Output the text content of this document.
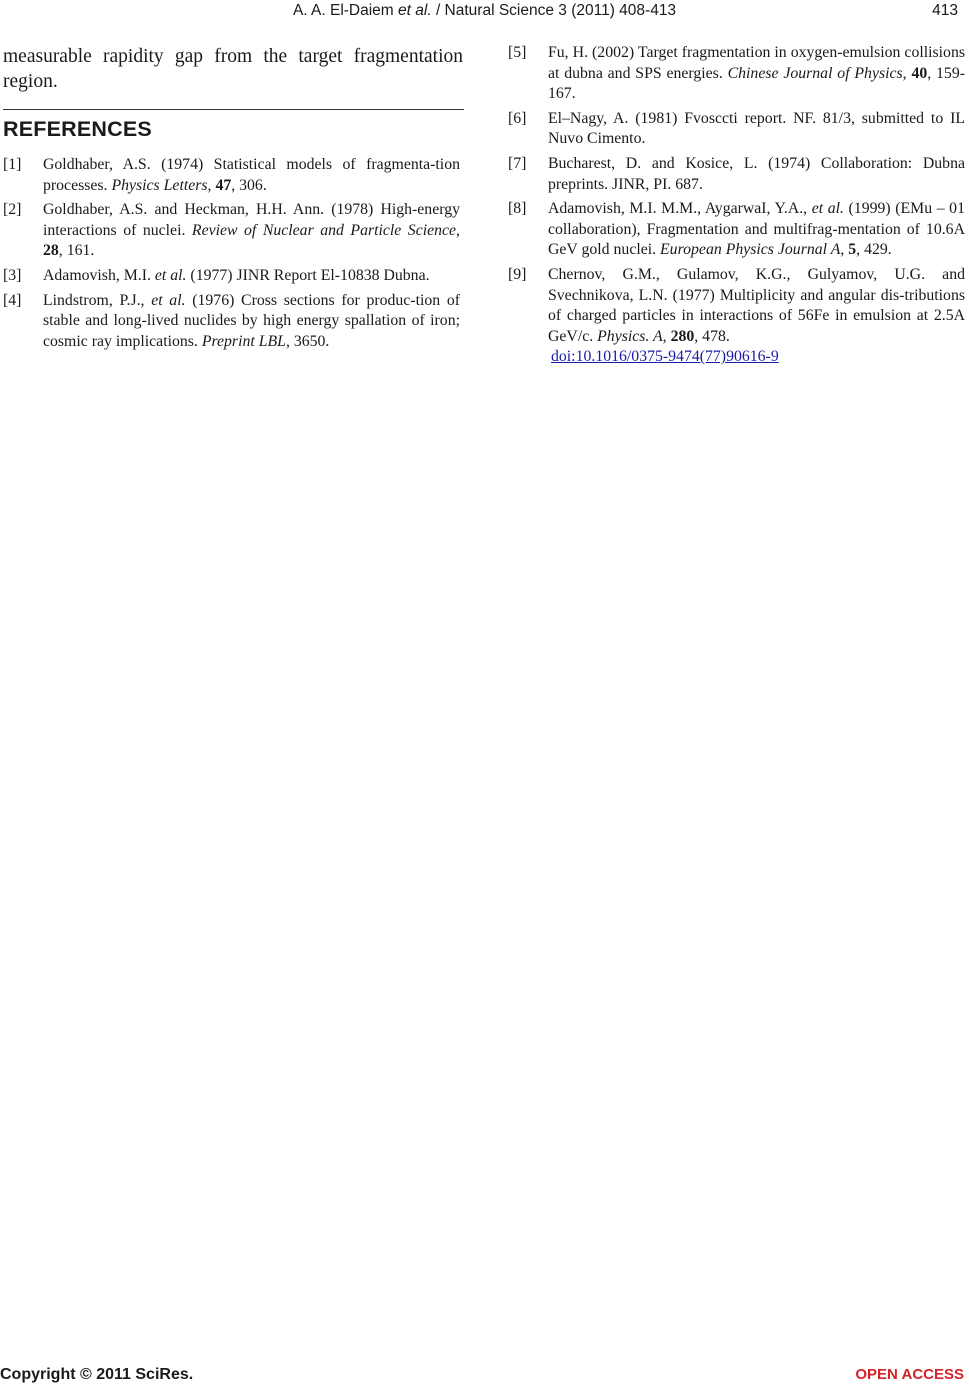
A. A. El-Daiem et al. / Natural Science 3 (2011) 408-413	413

measurable rapidity gap from the target fragmentation region.

REFERENCES
[1] Goldhaber, A.S. (1974) Statistical models of fragmenta-tion processes. Physics Letters, 47, 306.
[2] Goldhaber, A.S. and Heckman, H.H. Ann. (1978) High-energy interactions of nuclei. Review of Nuclear and Particle Science, 28, 161.
[3] Adamovish, M.I. et al. (1977) JINR Report El-10838 Dubna.
[4] Lindstrom, P.J., et al. (1976) Cross sections for produc-tion of stable and long-lived nuclides by high energy spallation of iron; cosmic ray implications. Preprint LBL, 3650.
[5] Fu, H. (2002) Target fragmentation in oxygen-emulsion collisions at dubna and SPS energies. Chinese Journal of Physics, 40, 159-167.
[6] El–Nagy, A. (1981) Fvosccti report. NF. 81/3, submitted to IL Nuvo Cimento.
[7] Bucharest, D. and Kosice, L. (1974) Collaboration: Dubna preprints. JINR, PI. 687.
[8] Adamovish, M.I. M.M., AygarwaI, Y.A., et al. (1999) (EMu – 01 collaboration), Fragmentation and multifrag-mentation of 10.6A GeV gold nuclei. European Physics Journal A, 5, 429.
[9] Chernov, G.M., Gulamov, K.G., Gulyamov, U.G. and Svechnikova, L.N. (1977) Multiplicity and angular dis-tributions of charged particles in interactions of 56Fe in emulsion at 2.5A GeV/c. Physics. A, 280, 478.
doi:10.1016/0375-9474(77)90616-9
Copyright © 2011 SciRes.	OPEN ACCESS
